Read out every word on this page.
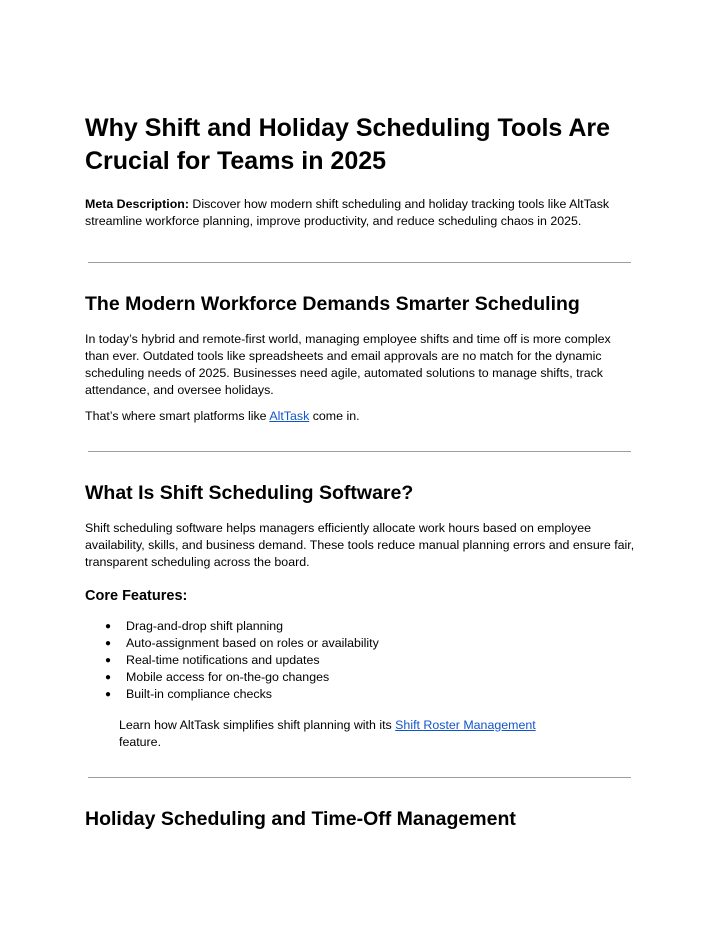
Why Shift and Holiday Scheduling Tools Are Crucial for Teams in 2025

Meta Description: Discover how modern shift scheduling and holiday tracking tools like AltTask streamline workforce planning, improve productivity, and reduce scheduling chaos in 2025.

The Modern Workforce Demands Smarter Scheduling

In today’s hybrid and remote-first world, managing employee shifts and time off is more complex than ever. Outdated tools like spreadsheets and email approvals are no match for the dynamic scheduling needs of 2025. Businesses need agile, automated solutions to manage shifts, track attendance, and oversee holidays.

That’s where smart platforms like AltTask come in.

What Is Shift Scheduling Software?

Shift scheduling software helps managers efficiently allocate work hours based on employee availability, skills, and business demand. These tools reduce manual planning errors and ensure fair, transparent scheduling across the board.

Core Features:
● Drag-and-drop shift planning
● Auto-assignment based on roles or availability
● Real-time notifications and updates
● Mobile access for on-the-go changes
● Built-in compliance checks

Learn how AltTask simplifies shift planning with its Shift Roster Management
feature.

Holiday Scheduling and Time-Off Management
